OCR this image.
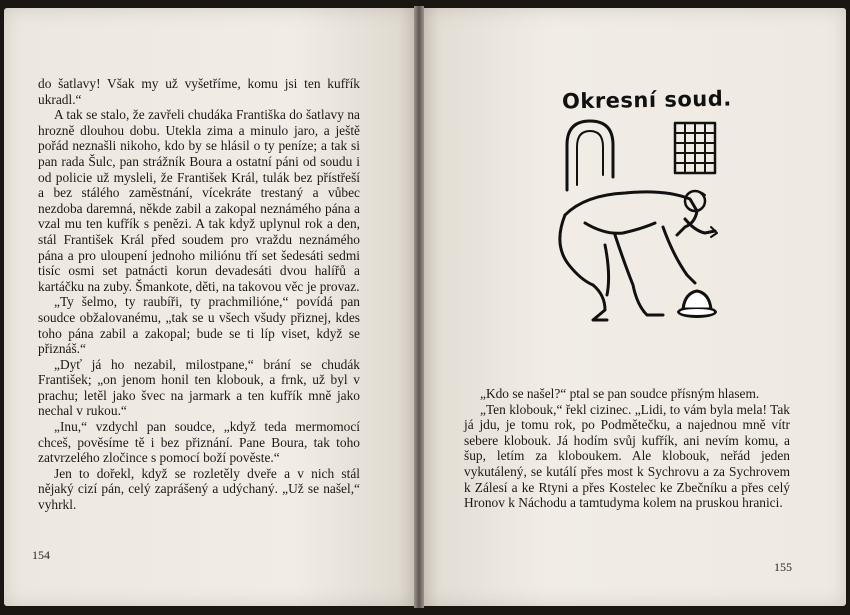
do šatlavy! Však my už vyšetříme, komu jsi ten kufřík ukradl.“

A tak se stalo, že zavřeli chudáka Františka do šatlavy na hrozně dlouhou dobu. Utekla zima a minulo jaro, a ještě pořád neznašli nikoho, kdo by se hlásil o ty peníze; a tak si pan rada Šulc, pan strážník Boura a ostatní páni od soudu i od policie už mysleli, že František Král, tulák bez přístřeší a bez stálého zaměstnání, vícekráte trestaný a vůbec nezdoba daremná, někde zabil a zakopal neznámého pána a vzal mu ten kufřík s penězi. A tak když uplynul rok a den, stál František Král před soudem pro vraždu neznámého pána a pro uloupení jednoho miliónu tří set šedesáti sedmi tisíc osmi set patnácti korun devadesáti dvou halířů a kartáčku na zuby. Šmankote, děti, na takovou věc je provaz.

„Ty šelmo, ty raubíři, ty prachmilióne,“ povídá pan soudce obžalovanému, „tak se u všech všudy přiznej, kdes toho pána zabil a zakopal; bude se ti líp viset, když se přiznáš.“

„Dyť já ho nezabil, milostpane,“ brání se chudák František; „on jenom honil ten klobouk, a frnk, už byl v prachu; letěl jako švec na jarmark a ten kufřík mně jako nechal v rukou.“

„Inu,“ vzdychl pan soudce, „když teda mermomocí chceš, pověsíme tě i bez přiznání. Pane Boura, tak toho zatvrzelého zločince s pomocí boží pověste.“

Jen to dořekl, když se rozletěly dveře a v nich stál nějaký cizí pán, celý zaprášený a udýchaný. „Už se našel,“ vyhrkl.

154
Okresní soud.

„Kdo se našel?“ ptal se pan soudce přísným hlasem.

„Ten klobouk,“ řekl cizinec. „Lidi, to vám byla mela! Tak já jdu, je tomu rok, po Podmětečku, a najednou mně vítr sebere klobouk. Já hodím svůj kufřík, ani nevím komu, a šup, letím za kloboukem. Ale klobouk, neřád jeden vykutálený, se kutálí přes most k Sychrovu a za Sychrovem k Zálesí a ke Rtyni a přes Kostelec ke Zbečníku a přes celý Hronov k Náchodu a tamtudyma kolem na pruskou hranici.

155
